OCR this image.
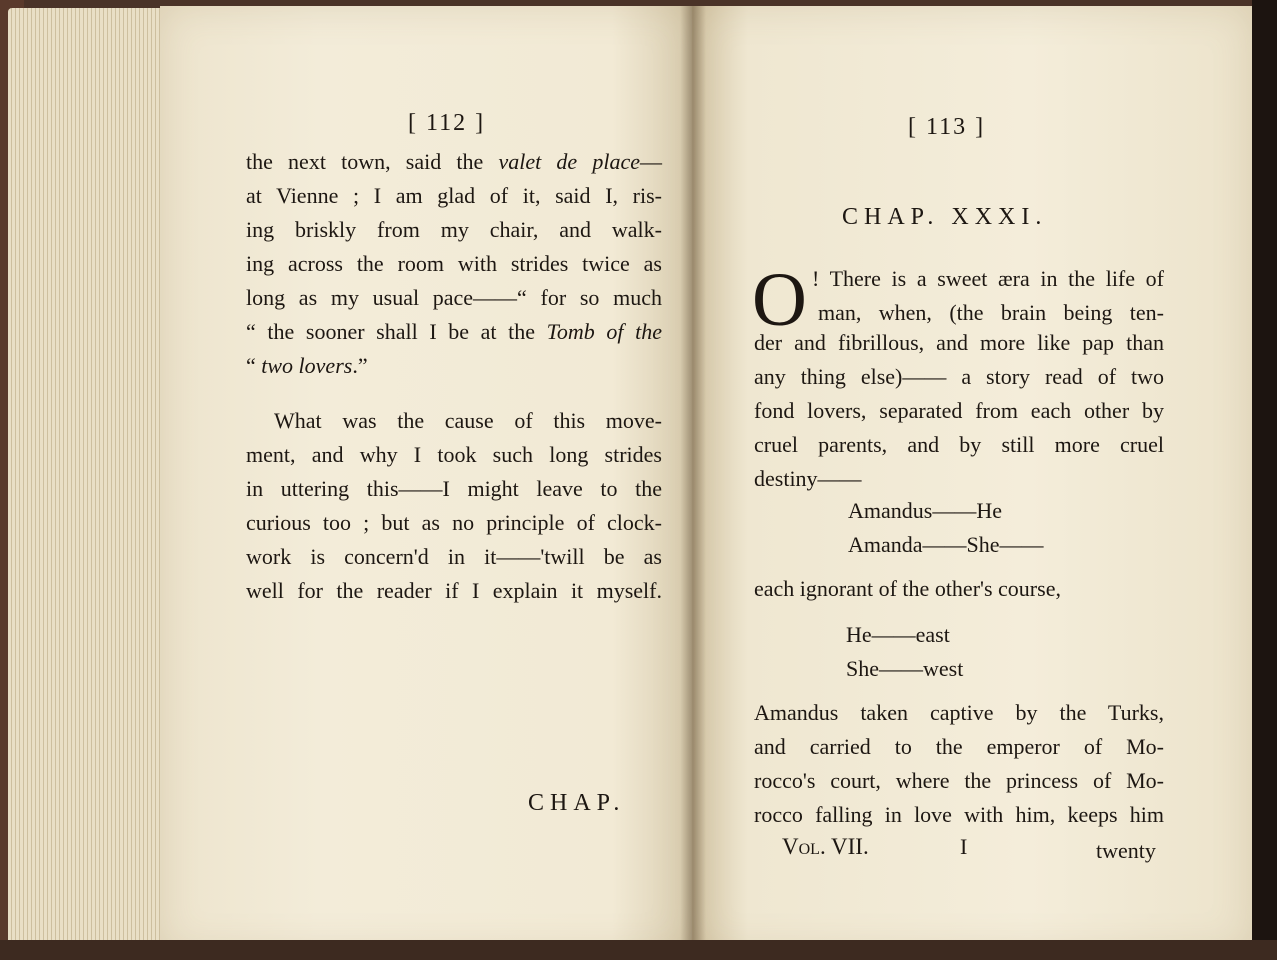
[ 112 ]
the next town, said the valet de place—
at Vienne ; I am glad of it, said I, ris-
ing briskly from my chair, and walk-
ing across the room with strides twice as
long as my usual pace——“ for so much
“ the sooner shall I be at the Tomb of the
“ two lovers.”
What was the cause of this move-
ment, and why I took such long strides
in uttering this——I might leave to the
curious too ; but as no principle of clock-
work is concern'd in it——'twill be as
well for the reader if I explain it myself.
CHAP.
[ 113 ]
CHAP. XXXI.
O ! There is a sweet æra in the life of
man, when, (the brain being ten-
der and fibrillous, and more like pap than
any thing else)—— a story read of two
fond lovers, separated from each other by
cruel parents, and by still more cruel
destiny——
Amandus——He
Amanda——She——
each ignorant of the other's course,
He——east
She——west
Amandus taken captive by the Turks,
and carried to the emperor of Mo-
rocco's court, where the princess of Mo-
rocco falling in love with him, keeps him
Vol. VII.	I	twenty
